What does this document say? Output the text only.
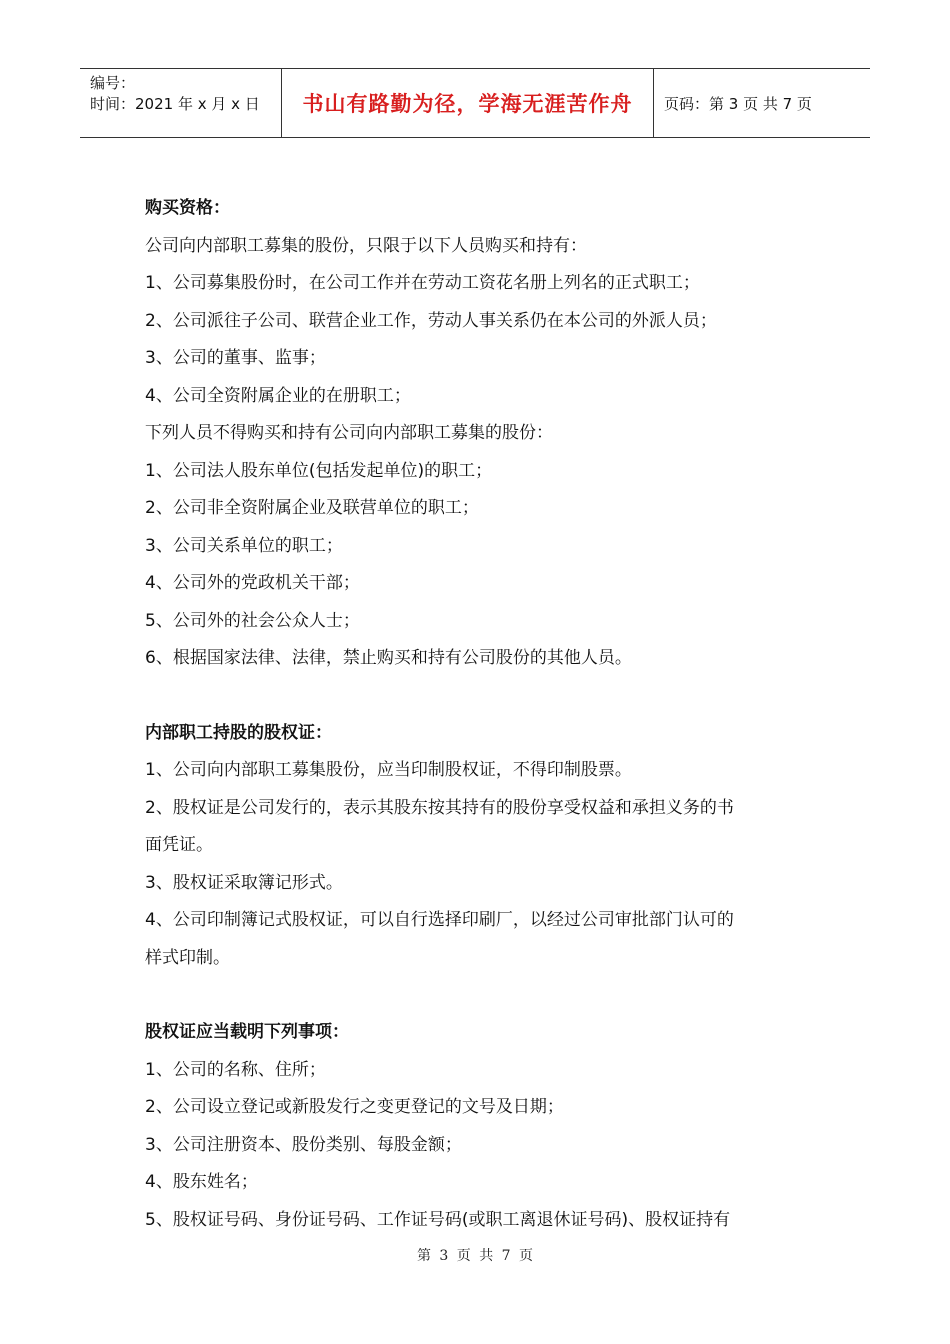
编号：
时间：2021 年 x 月 x 日	书山有路勤为径，学海无涯苦作舟	页码：第 3 页 共 7 页
购买资格：
公司向内部职工募集的股份，只限于以下人员购买和持有：
1、公司募集股份时，在公司工作并在劳动工资花名册上列名的正式职工；
2、公司派往子公司、联营企业工作，劳动人事关系仍在本公司的外派人员；
3、公司的董事、监事；
4、公司全资附属企业的在册职工；
下列人员不得购买和持有公司向内部职工募集的股份：
1、公司法人股东单位(包括发起单位)的职工；
2、公司非全资附属企业及联营单位的职工；
3、公司关系单位的职工；
4、公司外的党政机关干部；
5、公司外的社会公众人士；
6、根据国家法律、法律，禁止购买和持有公司股份的其他人员。
内部职工持股的股权证：
1、公司向内部职工募集股份，应当印制股权证，不得印制股票。
2、股权证是公司发行的，表示其股东按其持有的股份享受权益和承担义务的书
面凭证。
3、股权证采取簿记形式。
4、公司印制簿记式股权证，可以自行选择印刷厂，以经过公司审批部门认可的
样式印制。
股权证应当载明下列事项：
1、公司的名称、住所；
2、公司设立登记或新股发行之变更登记的文号及日期；
3、公司注册资本、股份类别、每股金额；
4、股东姓名；
5、股权证号码、身份证号码、工作证号码(或职工离退休证号码)、股权证持有
第 3 页 共 7 页
